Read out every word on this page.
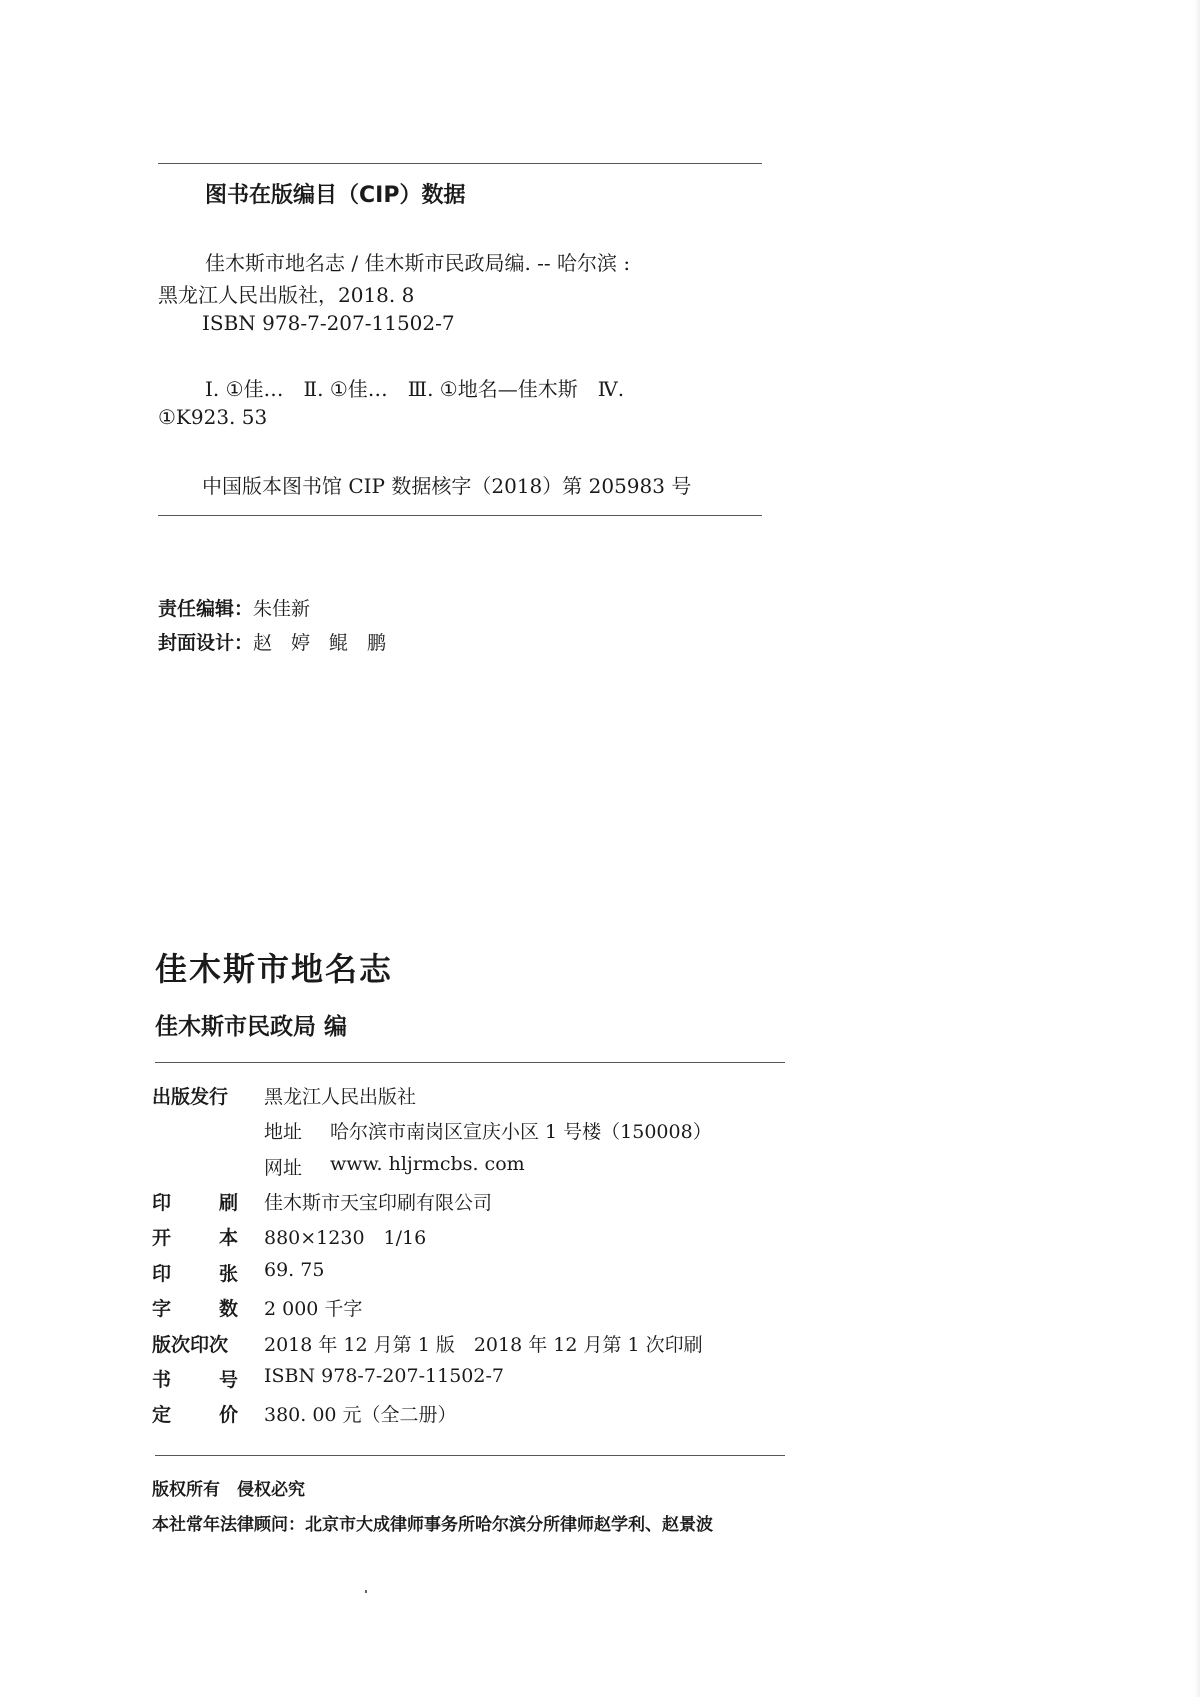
图书在版编目（CIP）数据
佳木斯市地名志 / 佳木斯市民政局编. -- 哈尔滨 :
黑龙江人民出版社，2018. 8
ISBN 978-7-207-11502-7
Ⅰ. ①佳…　Ⅱ. ①佳…　Ⅲ. ①地名—佳木斯　Ⅳ.
①K923. 53
中国版本图书馆 CIP 数据核字（2018）第 205983 号
责任编辑：朱佳新
封面设计：赵　婷　鲲　鹏
佳木斯市地名志
佳木斯市民政局 编
出版发行	黑龙江人民出版社
地址 哈尔滨市南岗区宣庆小区 1 号楼（150008）
网址 www. hljrmcbs. com
印	刷 佳木斯市天宝印刷有限公司
开	本 880×1230　1/16
印	张 69. 75
字	数 2 000 千字
版次印次	2018 年 12 月第 1 版　2018 年 12 月第 1 次印刷
书	号 ISBN 978-7-207-11502-7
定	价 380. 00 元（全二册）
版权所有　侵权必究
本社常年法律顾问：北京市大成律师事务所哈尔滨分所律师赵学利、赵景波
